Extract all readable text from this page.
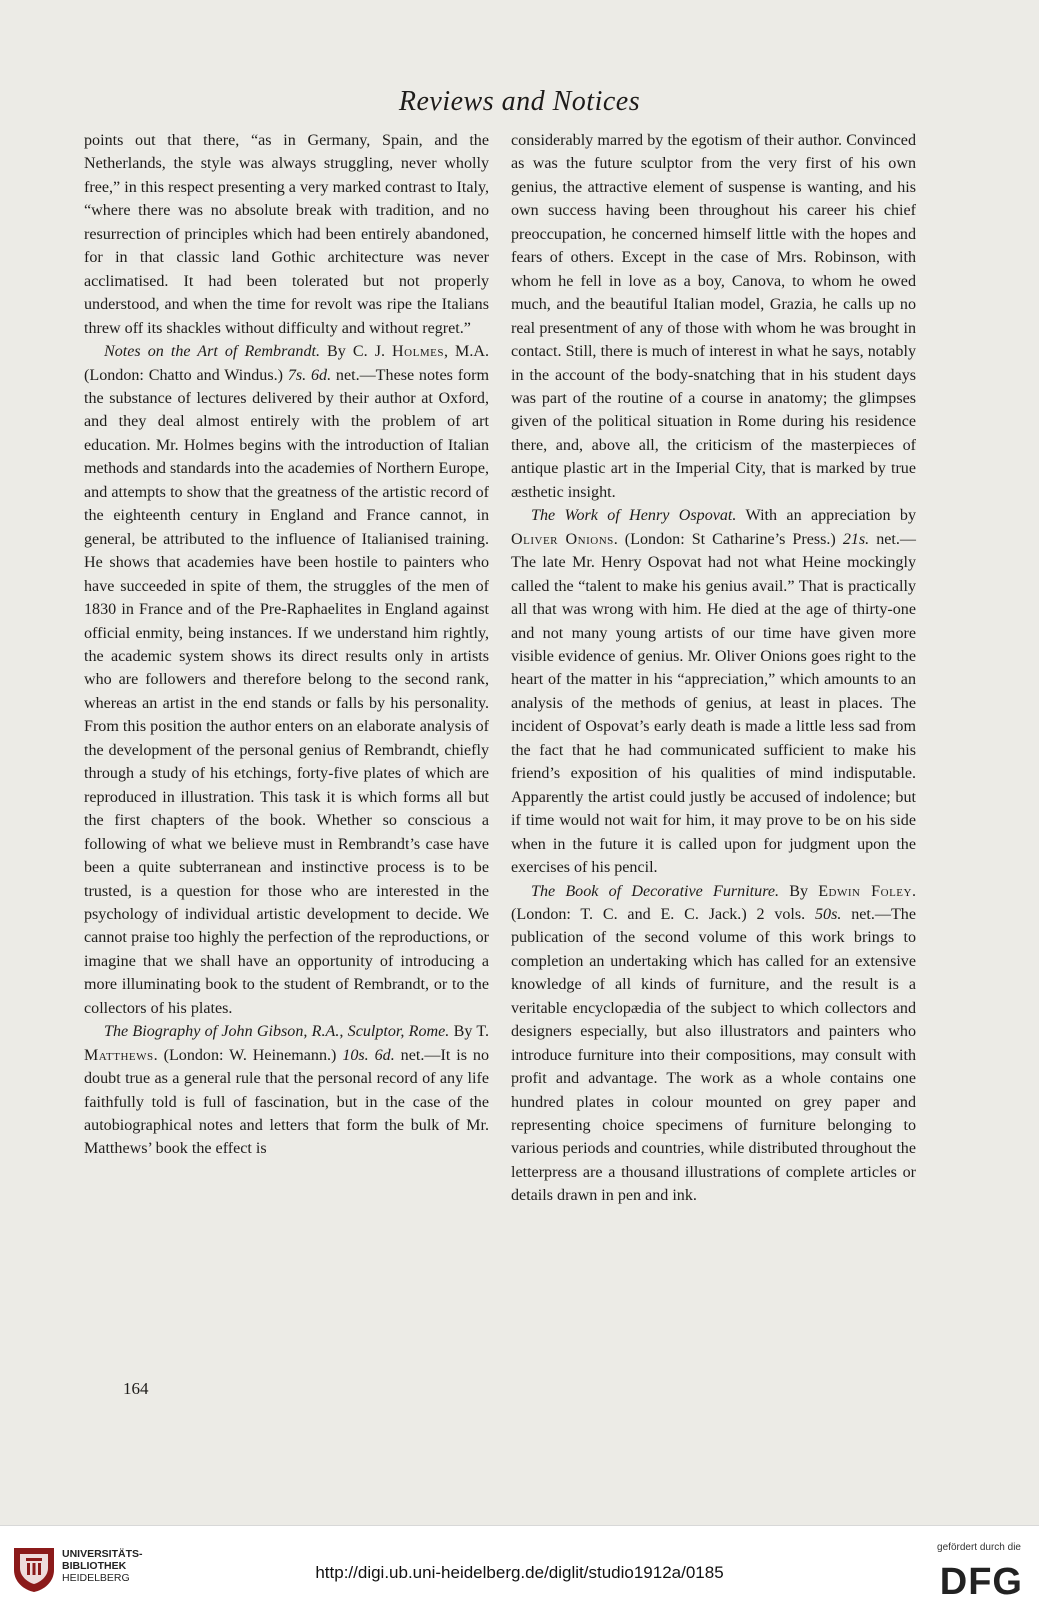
Reviews and Notices

points out that there, “as in Germany, Spain, and the Netherlands, the style was always struggling, never wholly free,” in this respect presenting a very marked contrast to Italy, “where there was no absolute break with tradition, and no resurrection of principles which had been entirely abandoned, for in that classic land Gothic architecture was never acclimatised. It had been tolerated but not properly understood, and when the time for revolt was ripe the Italians threw off its shackles without difficulty and without regret.”

Notes on the Art of Rembrandt. By C. J. Holmes, M.A. (London: Chatto and Windus.) 7s. 6d. net.—These notes form the substance of lectures delivered by their author at Oxford, and they deal almost entirely with the problem of art education. Mr. Holmes begins with the introduction of Italian methods and standards into the academies of Northern Europe, and attempts to show that the greatness of the artistic record of the eighteenth century in England and France cannot, in general, be attributed to the influence of Italianised training. He shows that academies have been hostile to painters who have succeeded in spite of them, the struggles of the men of 1830 in France and of the Pre-Raphaelites in England against official enmity, being instances. If we understand him rightly, the academic system shows its direct results only in artists who are followers and therefore belong to the second rank, whereas an artist in the end stands or falls by his personality. From this position the author enters on an elaborate analysis of the development of the personal genius of Rembrandt, chiefly through a study of his etchings, forty-five plates of which are reproduced in illustration. This task it is which forms all but the first chapters of the book. Whether so conscious a following of what we believe must in Rembrandt’s case have been a quite subterranean and instinctive process is to be trusted, is a question for those who are interested in the psychology of individual artistic development to decide. We cannot praise too highly the perfection of the reproductions, or imagine that we shall have an opportunity of introducing a more illuminating book to the student of Rembrandt, or to the collectors of his plates.

The Biography of John Gibson, R.A., Sculptor, Rome. By T. Matthews. (London: W. Heinemann.) 10s. 6d. net.—It is no doubt true as a general rule that the personal record of any life faithfully told is full of fascination, but in the case of the autobiographical notes and letters that form the bulk of Mr. Matthews’ book the effect is

considerably marred by the egotism of their author. Convinced as was the future sculptor from the very first of his own genius, the attractive element of suspense is wanting, and his own success having been throughout his career his chief preoccupation, he concerned himself little with the hopes and fears of others. Except in the case of Mrs. Robinson, with whom he fell in love as a boy, Canova, to whom he owed much, and the beautiful Italian model, Grazia, he calls up no real presentment of any of those with whom he was brought in contact. Still, there is much of interest in what he says, notably in the account of the body-snatching that in his student days was part of the routine of a course in anatomy; the glimpses given of the political situation in Rome during his residence there, and, above all, the criticism of the masterpieces of antique plastic art in the Imperial City, that is marked by true æsthetic insight.

The Work of Henry Ospovat. With an appreciation by Oliver Onions. (London: St Catharine’s Press.) 21s. net.—The late Mr. Henry Ospovat had not what Heine mockingly called the “talent to make his genius avail.” That is practically all that was wrong with him. He died at the age of thirty-one and not many young artists of our time have given more visible evidence of genius. Mr. Oliver Onions goes right to the heart of the matter in his “appreciation,” which amounts to an analysis of the methods of genius, at least in places. The incident of Ospovat’s early death is made a little less sad from the fact that he had communicated sufficient to make his friend’s exposition of his qualities of mind indisputable. Apparently the artist could justly be accused of indolence; but if time would not wait for him, it may prove to be on his side when in the future it is called upon for judgment upon the exercises of his pencil.

The Book of Decorative Furniture. By Edwin Foley. (London: T. C. and E. C. Jack.) 2 vols. 50s. net.—The publication of the second volume of this work brings to completion an undertaking which has called for an extensive knowledge of all kinds of furniture, and the result is a veritable encyclopædia of the subject to which collectors and designers especially, but also illustrators and painters who introduce furniture into their compositions, may consult with profit and advantage. The work as a whole contains one hundred plates in colour mounted on grey paper and representing choice specimens of furniture belonging to various periods and countries, while distributed throughout the letterpress are a thousand illustrations of complete articles or details drawn in pen and ink.

164
UNIVERSITÄTS-
BIBLIOTHEK
HEIDELBERG	http://digi.ub.uni-heidelberg.de/diglit/studio1912a/0185
gefördert durch die
DFG
